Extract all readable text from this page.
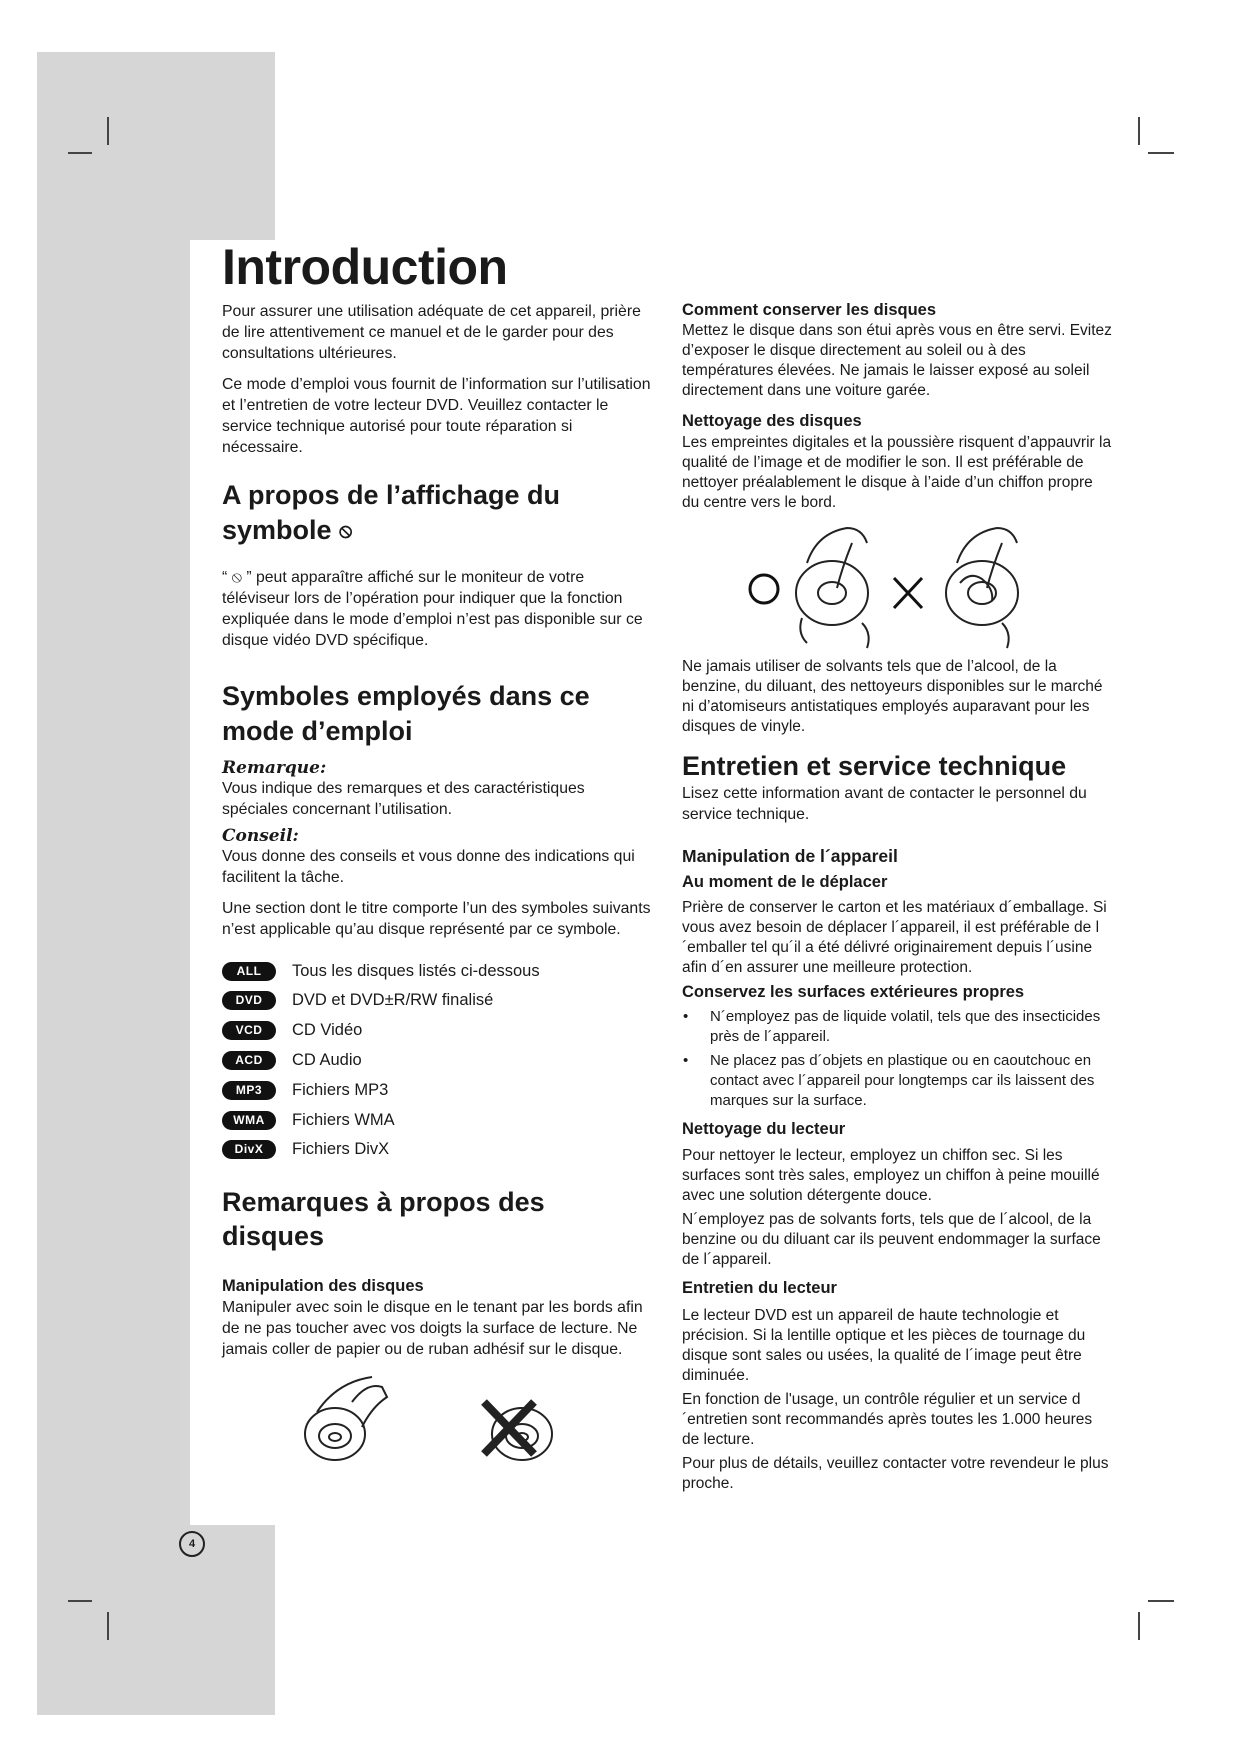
Introduction

Pour assurer une utilisation adéquate de cet appareil, prière de lire attentivement ce manuel et de le garder pour des consultations ultérieures.

Ce mode d’emploi vous fournit de l’information sur l’utilisation et l’entretien de votre lecteur DVD. Veuillez contacter le service technique autorisé pour toute réparation si nécessaire.

A propos de l’affichage du
symbole ⦸

“ ⦸ ” peut apparaître affiché sur le moniteur de votre téléviseur lors de l’opération pour indiquer que la fonction expliquée dans le mode d’emploi n’est pas disponible sur ce disque vidéo DVD spécifique.

Symboles employés dans ce mode d’emploi
Remarque:

Vous indique des remarques et des caractéristiques spéciales concernant l’utilisation.

Conseil:

Vous donne des conseils et vous donne des indications qui facilitent la tâche.

Une section dont le titre comporte l’un des symboles suivants n’est applicable qu’au disque représenté par ce symbole.

ALL	Tous les disques listés ci-dessous
DVD	DVD et DVD±R/RW finalisé
VCD	CD Vidéo
ACD	CD Audio
MP3	Fichiers MP3
WMA	Fichiers WMA
DivX	Fichiers DivX
Remarques à propos des disques
Manipulation des disques

Manipuler avec soin le disque en le tenant par les bords afin de ne pas toucher avec vos doigts la surface de lecture. Ne jamais coller de papier ou de ruban adhésif sur le disque.

Comment conserver les disques

Mettez le disque dans son étui après vous en être servi. Evitez d’exposer le disque directement au soleil ou à des températures élevées. Ne jamais le laisser exposé au soleil directement dans une voiture garée.

Nettoyage des disques

Les empreintes digitales et la poussière risquent d’appauvrir la qualité de l’image et de modifier le son. Il est préférable de nettoyer préalablement le disque à l’aide d’un chiffon propre du centre vers le bord.

Ne jamais utiliser de solvants tels que de l’alcool, de la benzine, du diluant, des nettoyeurs disponibles sur le marché ni d’atomiseurs antistatiques employés auparavant pour les disques de vinyle.

Entretien et service technique

Lisez cette information avant de contacter le personnel du service technique.

Manipulation de l´appareil
Au moment de le déplacer

Prière de conserver le carton et les matériaux d´emballage. Si vous avez besoin de déplacer l´appareil, il est préférable de l´emballer tel qu´il a été délivré originairement depuis l´usine afin d´en assurer une meilleure protection.

Conservez les surfaces extérieures propres
• N´employez pas de liquide volatil, tels que des insecticides près de l´appareil.
• Ne placez pas d´objets en plastique ou en caoutchouc en contact avec l´appareil pour longtemps car ils laissent des marques sur la surface.
Nettoyage du lecteur

Pour nettoyer le lecteur, employez un chiffon sec. Si les surfaces sont très sales, employez un chiffon à peine mouillé avec une solution détergente douce.

N´employez pas de solvants forts, tels que de l´alcool, de la benzine ou du diluant car ils peuvent endommager la surface de l´appareil.

Entretien du lecteur

Le lecteur DVD est un appareil de haute technologie et précision. Si la lentille optique et les pièces de tournage du disque sont sales ou usées, la qualité de l´image peut être diminuée.

En fonction de l'usage, un contrôle régulier et un service d´entretien sont recommandés après toutes les 1.000 heures de lecture.

Pour plus de détails, veuillez contacter votre revendeur le plus proche.

4
